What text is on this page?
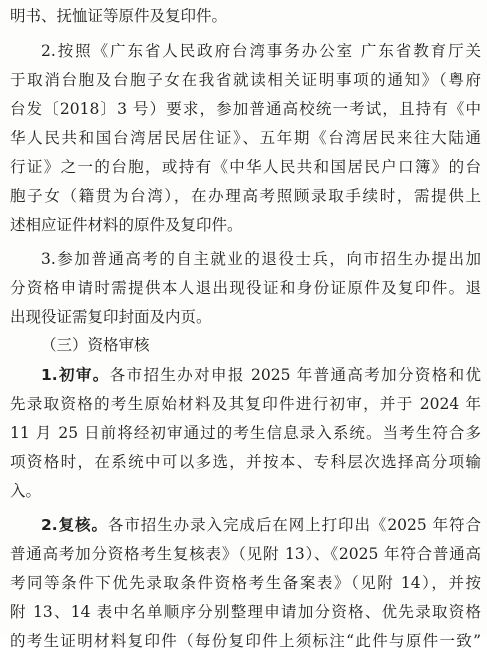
明书、抚恤证等原件及复印件。
2.按照《广东省人民政府台湾事务办公室 广东省教育厅关
于取消台胞及台胞子女在我省就读相关证明事项的通知》（粤府
台发〔2018〕3 号）要求，参加普通高校统一考试，且持有《中
华人民共和国台湾居民居住证》、五年期《台湾居民来往大陆通
行证》之一的台胞，或持有《中华人民共和国居民户口簿》的台
胞子女（籍贯为台湾），在办理高考照顾录取手续时，需提供上
述相应证件材料的原件及复印件。
3.参加普通高考的自主就业的退役士兵，向市招生办提出加
分资格申请时需提供本人退出现役证和身份证原件及复印件。退
出现役证需复印封面及内页。
（三）资格审核
1.初审。各市招生办对申报 2025 年普通高考加分资格和优
先录取资格的考生原始材料及其复印件进行初审，并于 2024 年
11 月 25 日前将经初审通过的考生信息录入系统。当考生符合多
项资格时，在系统中可以多选，并按本、专科层次选择高分项输
入。
2.复核。各市招生办录入完成后在网上打印出《2025 年符合
普通高考加分资格考生复核表》（见附 13）、《2025 年符合普通高
考同等条件下优先录取条件资格考生备案表》（见附 14），并按
附 13、14 表中名单顺序分别整理申请加分资格、优先录取资格
的考生证明材料复印件（每份复印件上须标注“此件与原件一致”
